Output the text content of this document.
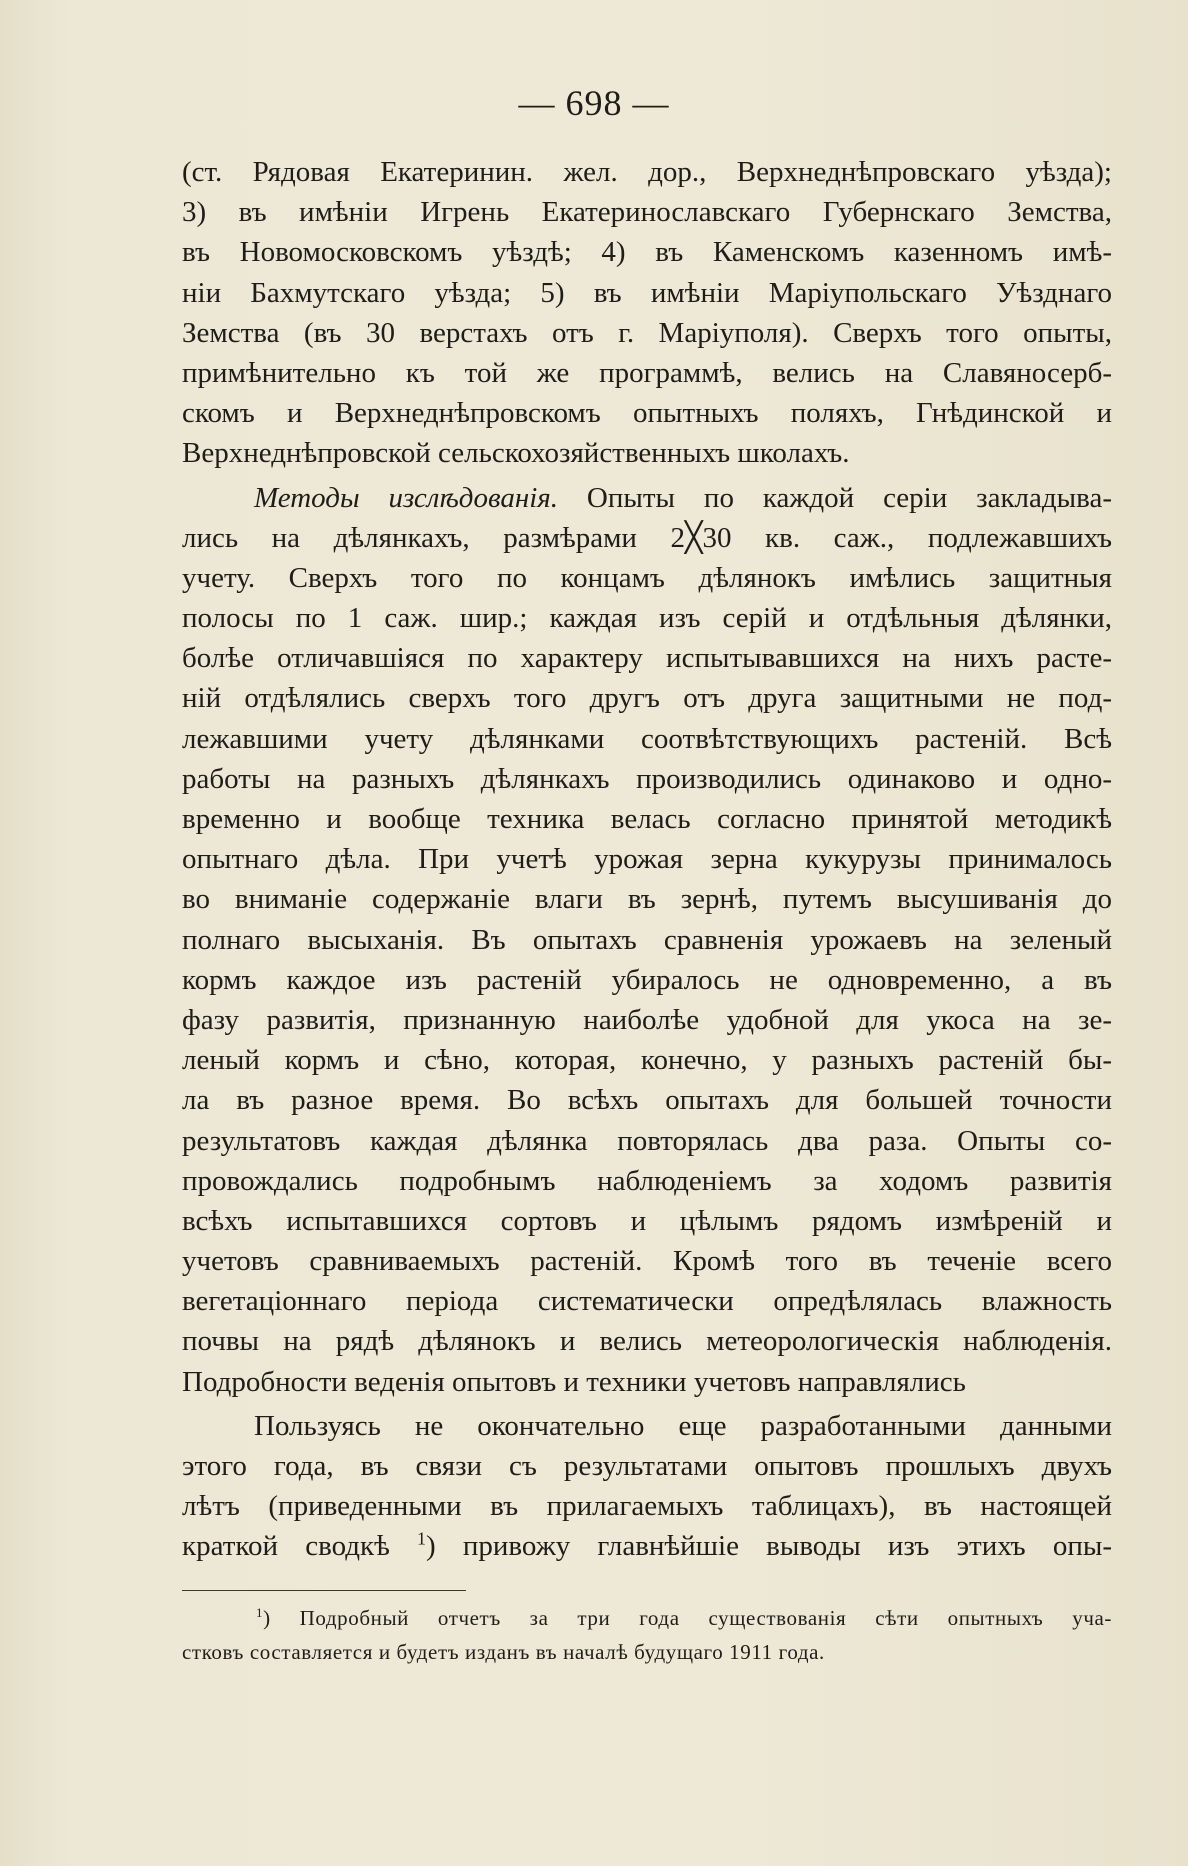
— 698 —
(ст. Рядовая Екатеринин. жел. дор., Верхнеднѣпровскаго уѣзда);
3) въ имѣніи Игрень Екатеринославскаго Губернскаго Земства,
въ Новомосковскомъ уѣздѣ; 4) въ Каменскомъ казенномъ имѣ-
ніи Бахмутскаго уѣзда; 5) въ имѣніи Маріупольскаго Уѣзднаго
Земства (въ 30 верстахъ отъ г. Маріуполя). Сверхъ того опыты,
примѣнительно къ той же программѣ, велись на Славяносерб-
скомъ и Верхнеднѣпровскомъ опытныхъ поляхъ, Гнѣдинской и
Верхнеднѣпровской сельскохозяйственныхъ школахъ.
Методы изслѣдованія. Опыты по каждой серіи закладыва-
лись на дѣлянкахъ, размѣрами 2╳30 кв. саж., подлежавшихъ
учету. Сверхъ того по концамъ дѣлянокъ имѣлись защитныя
полосы по 1 саж. шир.; каждая изъ серій и отдѣльныя дѣлянки,
болѣе отличавшіяся по характеру испытывавшихся на нихъ расте-
ній отдѣлялись сверхъ того другъ отъ друга защитными не под-
лежавшими учету дѣлянками соотвѣтствующихъ растеній. Всѣ
работы на разныхъ дѣлянкахъ производились одинаково и одно-
временно и вообще техника велась согласно принятой методикѣ
опытнаго дѣла. При учетѣ урожая зерна кукурузы принималось
во вниманіе содержаніе влаги въ зернѣ, путемъ высушиванія до
полнаго высыханія. Въ опытахъ сравненія урожаевъ на зеленый
кормъ каждое изъ растеній убиралось не одновременно, а въ
фазу развитія, признанную наиболѣе удобной для укоса на зе-
леный кормъ и сѣно, которая, конечно, у разныхъ растеній бы-
ла въ разное время. Во всѣхъ опытахъ для большей точности
результатовъ каждая дѣлянка повторялась два раза. Опыты со-
провождались подробнымъ наблюденіемъ за ходомъ развитія
всѣхъ испытавшихся сортовъ и цѣлымъ рядомъ измѣреній и
учетовъ сравниваемыхъ растеній. Кромѣ того въ теченіе всего
вегетаціоннаго періода систематически опредѣлялась влажность
почвы на рядѣ дѣлянокъ и велись метеорологическія наблюденія.
Подробности веденія опытовъ и техники учетовъ направлялись
Пользуясь не окончательно еще разработанными данными
этого года, въ связи съ результатами опытовъ прошлыхъ двухъ
лѣтъ (приведенными въ прилагаемыхъ таблицахъ), въ настоящей
краткой сводкѣ $^1$) привожу главнѣйшіе выводы изъ этихъ опы-
$^1$) Подробный отчетъ за три года существованія сѣти опытныхъ уча-
стковъ составляется и будетъ изданъ въ началѣ будущаго 1911 года.
